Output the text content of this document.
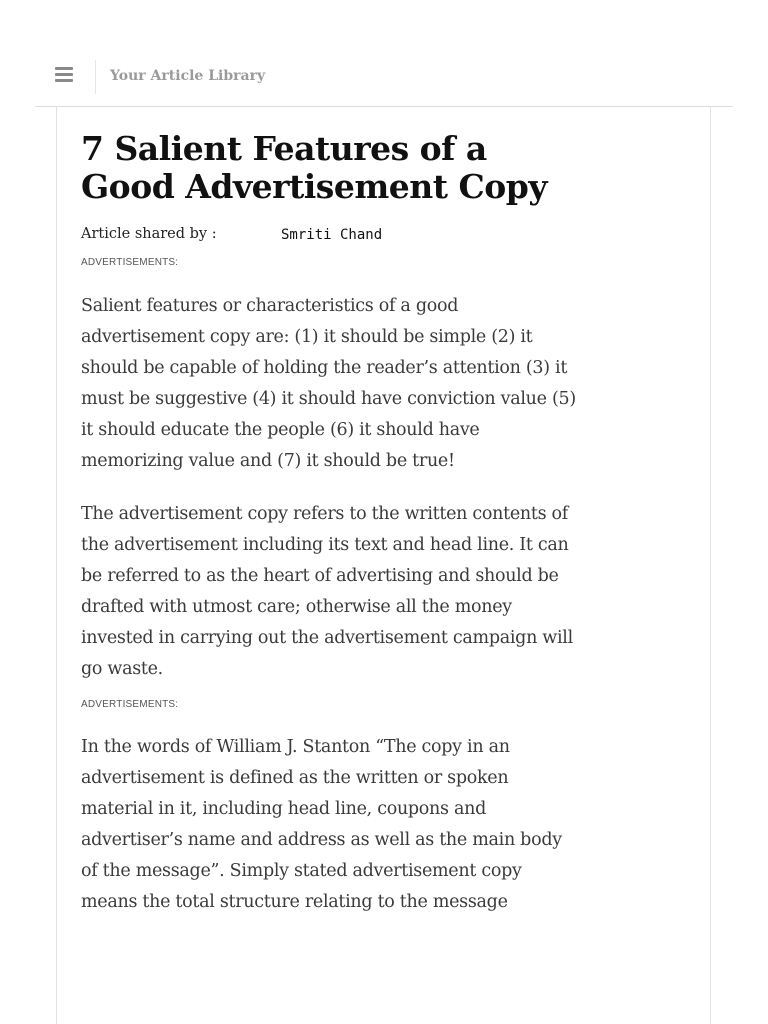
Your Article Library
7 Salient Features of a Good Advertisement Copy
Article shared by :	Smriti Chand
ADVERTISEMENTS:

Salient features or characteristics of a good advertisement copy are: (1) it should be simple (2) it should be capable of holding the reader’s attention (3) it must be suggestive (4) it should have conviction value (5) it should educate the people (6) it should have memorizing value and (7) it should be true!

The advertisement copy refers to the written contents of the advertisement including its text and head line. It can be referred to as the heart of advertising and should be drafted with utmost care; otherwise all the money invested in carrying out the advertisement campaign will go waste.

ADVERTISEMENTS:

In the words of William J. Stanton “The copy in an advertisement is defined as the written or spoken material in it, including head line, coupons and advertiser’s name and address as well as the main body of the message”. Simply stated advertisement copy means the total structure relating to the message
